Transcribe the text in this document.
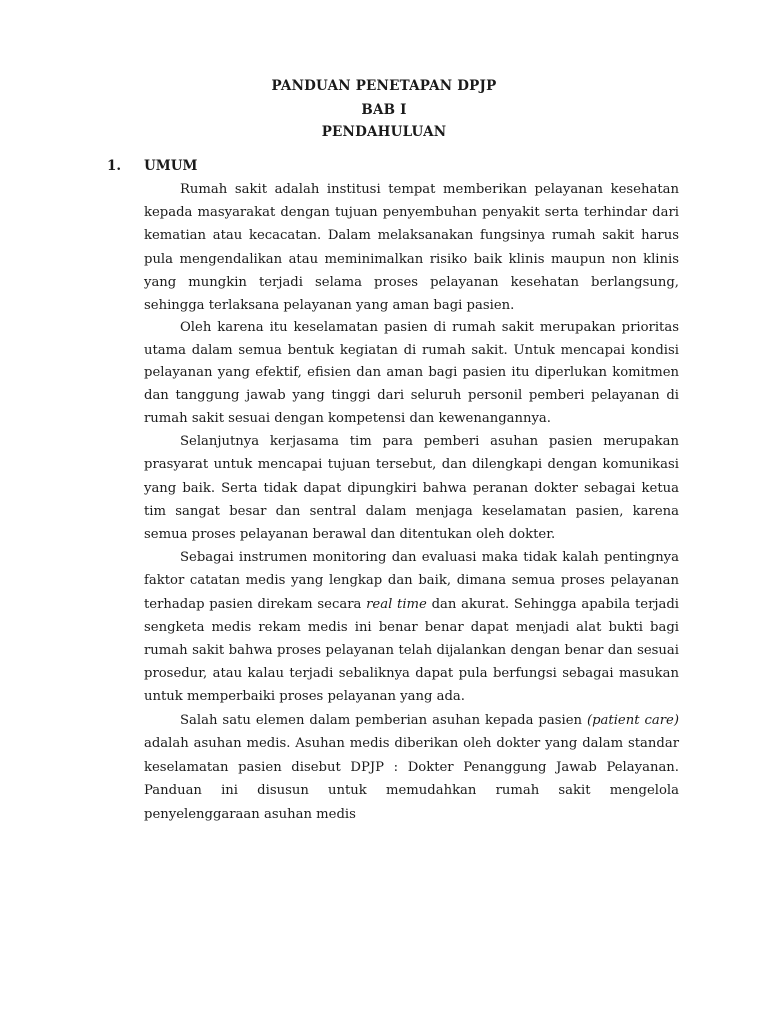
PANDUAN PENETAPAN DPJP
BAB I
PENDAHULUAN
1. UMUM

Rumah sakit adalah institusi tempat memberikan pelayanan kesehatan kepada masyarakat dengan tujuan penyembuhan penyakit serta terhindar dari kematian atau kecacatan. Dalam melaksanakan fungsinya rumah sakit harus pula mengendalikan atau meminimalkan risiko baik klinis maupun non klinis yang mungkin terjadi selama proses pelayanan kesehatan berlangsung, sehingga terlaksana pelayanan yang aman bagi pasien.

Oleh karena itu keselamatan pasien di rumah sakit merupakan prioritas utama dalam semua bentuk kegiatan di rumah sakit. Untuk mencapai kondisi pelayanan yang efektif, efisien dan aman bagi pasien itu diperlukan komitmen dan tanggung jawab yang tinggi dari seluruh personil pemberi pelayanan di rumah sakit sesuai dengan kompetensi dan kewenangannya.

Selanjutnya kerjasama tim para pemberi asuhan pasien merupakan prasyarat untuk mencapai tujuan tersebut, dan dilengkapi dengan komunikasi yang baik. Serta tidak dapat dipungkiri bahwa peranan dokter sebagai ketua tim sangat besar dan sentral dalam menjaga keselamatan pasien, karena semua proses pelayanan berawal dan ditentukan oleh dokter.

Sebagai instrumen monitoring dan evaluasi maka tidak kalah pentingnya faktor catatan medis yang lengkap dan baik, dimana semua proses pelayanan terhadap pasien direkam secara real time dan akurat. Sehingga apabila terjadi sengketa medis rekam medis ini benar benar dapat menjadi alat bukti bagi rumah sakit bahwa proses pelayanan telah dijalankan dengan benar dan sesuai prosedur, atau kalau terjadi sebaliknya dapat pula berfungsi sebagai masukan untuk memperbaiki proses pelayanan yang ada.

Salah satu elemen dalam pemberian asuhan kepada pasien (patient care) adalah asuhan medis. Asuhan medis diberikan oleh dokter yang dalam standar keselamatan pasien disebut DPJP : Dokter Penanggung Jawab Pelayanan. Panduan ini disusun untuk memudahkan rumah sakit mengelola penyelenggaraan asuhan medis
